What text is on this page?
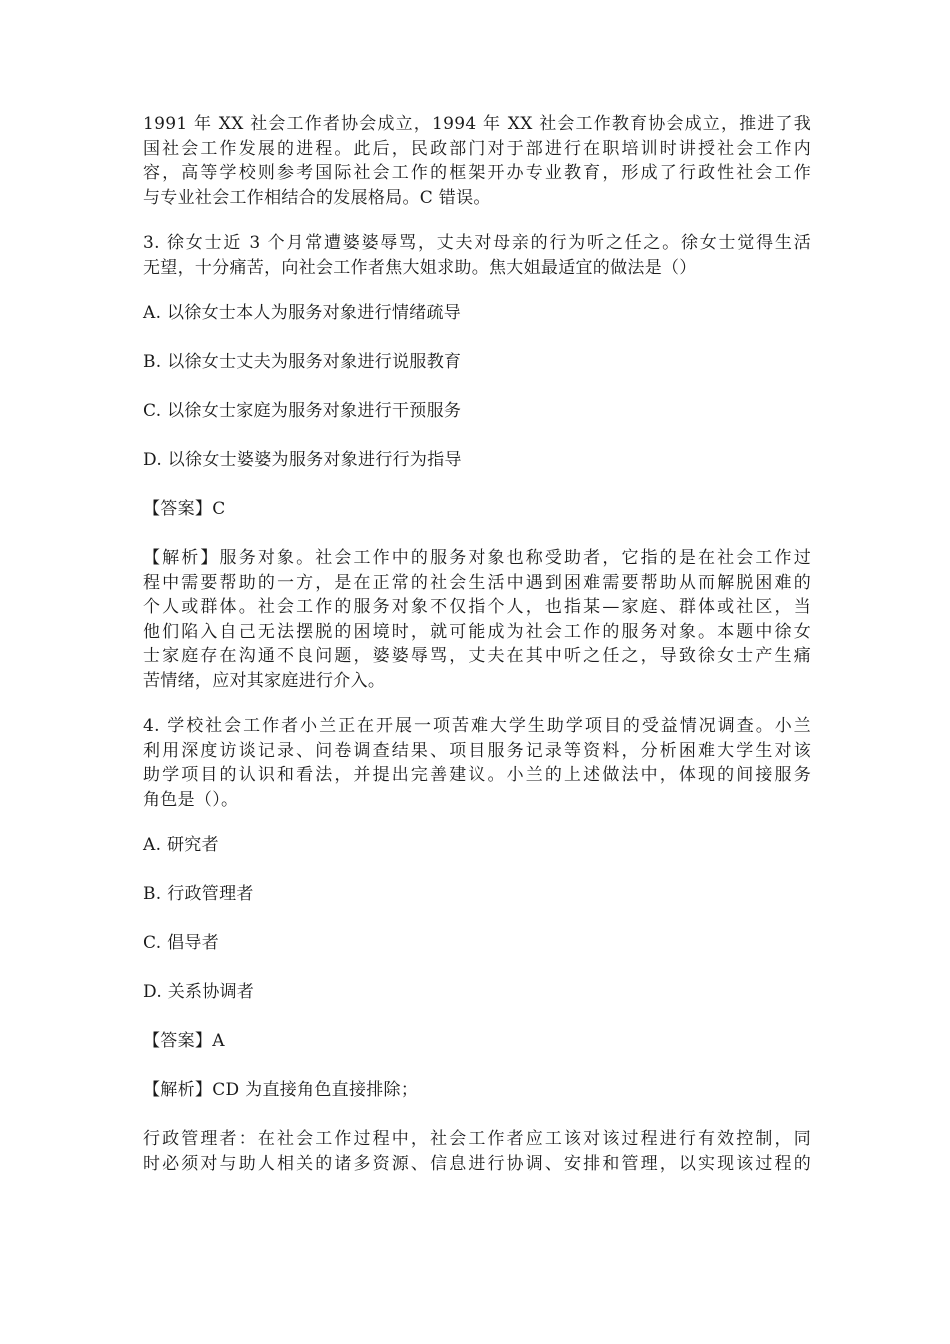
1991 年 XX 社会工作者协会成立，1994 年 XX 社会工作教育协会成立，推进了我
国社会工作发展的进程。此后，民政部门对于部进行在职培训时讲授社会工作内
容，高等学校则参考国际社会工作的框架开办专业教育，形成了行政性社会工作
与专业社会工作相结合的发展格局。C 错误。
3. 徐女士近 3 个月常遭婆婆辱骂，丈夫对母亲的行为听之任之。徐女士觉得生活
无望，十分痛苦，向社会工作者焦大姐求助。焦大姐最适宜的做法是（）
A. 以徐女士本人为服务对象进行情绪疏导
B. 以徐女士丈夫为服务对象进行说服教育
C. 以徐女士家庭为服务对象进行干预服务
D. 以徐女士婆婆为服务对象进行行为指导
【答案】C
【解析】服务对象。社会工作中的服务对象也称受助者，它指的是在社会工作过
程中需要帮助的一方，是在正常的社会生活中遇到困难需要帮助从而解脱困难的
个人或群体。社会工作的服务对象不仅指个人，也指某—家庭、群体或社区，当
他们陷入自己无法摆脱的困境时，就可能成为社会工作的服务对象。本题中徐女
士家庭存在沟通不良问题，婆婆辱骂，丈夫在其中听之任之，导致徐女士产生痛
苦情绪，应对其家庭进行介入。
4. 学校社会工作者小兰正在开展一项苦难大学生助学项目的受益情况调查。小兰
利用深度访谈记录、问卷调查结果、项目服务记录等资料，分析困难大学生对该
助学项目的认识和看法，并提出完善建议。小兰的上述做法中，体现的间接服务
角色是（）。
A. 研究者
B. 行政管理者
C. 倡导者
D. 关系协调者
【答案】A
【解析】CD 为直接角色直接排除；
行政管理者：在社会工作过程中，社会工作者应工该对该过程进行有效控制，同
时必须对与助人相关的诸多资源、信息进行协调、安排和管理，以实现该过程的
